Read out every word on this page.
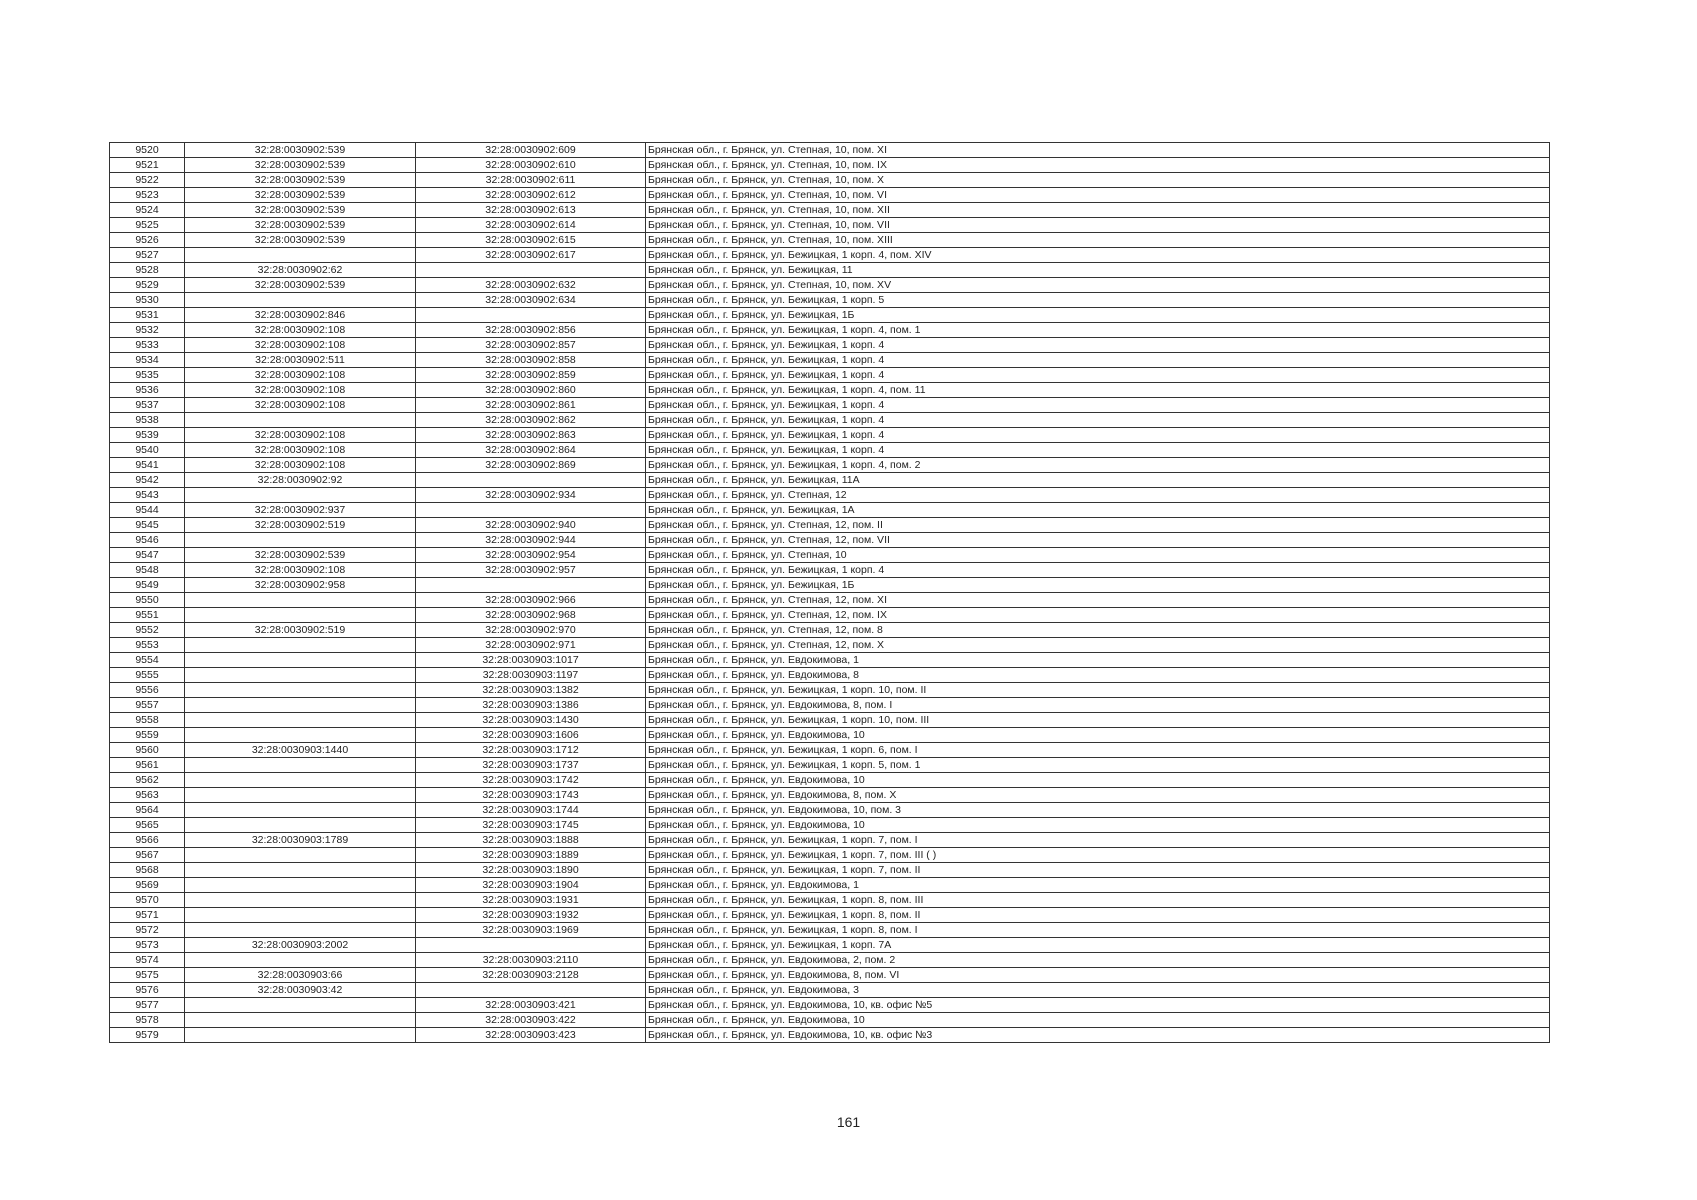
9520	32:28:0030902:539	32:28:0030902:609	Брянская обл., г. Брянск, ул. Степная, 10, пом. XI
9521	32:28:0030902:539	32:28:0030902:610	Брянская обл., г. Брянск, ул. Степная, 10, пом. IX
9522	32:28:0030902:539	32:28:0030902:611	Брянская обл., г. Брянск, ул. Степная, 10, пом. X
9523	32:28:0030902:539	32:28:0030902:612	Брянская обл., г. Брянск, ул. Степная, 10, пом. VI
9524	32:28:0030902:539	32:28:0030902:613	Брянская обл., г. Брянск, ул. Степная, 10, пом. XII
9525	32:28:0030902:539	32:28:0030902:614	Брянская обл., г. Брянск, ул. Степная, 10, пом. VII
9526	32:28:0030902:539	32:28:0030902:615	Брянская обл., г. Брянск, ул. Степная, 10, пом. XIII
9527		32:28:0030902:617	Брянская обл., г. Брянск, ул. Бежицкая, 1 корп. 4, пом. XIV
9528	32:28:0030902:62		Брянская обл., г. Брянск, ул. Бежицкая, 11
9529	32:28:0030902:539	32:28:0030902:632	Брянская обл., г. Брянск, ул. Степная, 10, пом. XV
9530		32:28:0030902:634	Брянская обл., г. Брянск, ул. Бежицкая, 1 корп. 5
9531	32:28:0030902:846		Брянская обл., г. Брянск, ул. Бежицкая, 1Б
9532	32:28:0030902:108	32:28:0030902:856	Брянская обл., г. Брянск, ул. Бежицкая, 1 корп. 4, пом. 1
9533	32:28:0030902:108	32:28:0030902:857	Брянская обл., г. Брянск, ул. Бежицкая, 1 корп. 4
9534	32:28:0030902:511	32:28:0030902:858	Брянская обл., г. Брянск, ул. Бежицкая, 1 корп. 4
9535	32:28:0030902:108	32:28:0030902:859	Брянская обл., г. Брянск, ул. Бежицкая, 1 корп. 4
9536	32:28:0030902:108	32:28:0030902:860	Брянская обл., г. Брянск, ул. Бежицкая, 1 корп. 4, пом. 11
9537	32:28:0030902:108	32:28:0030902:861	Брянская обл., г. Брянск, ул. Бежицкая, 1 корп. 4
9538		32:28:0030902:862	Брянская обл., г. Брянск, ул. Бежицкая, 1 корп. 4
9539	32:28:0030902:108	32:28:0030902:863	Брянская обл., г. Брянск, ул. Бежицкая, 1 корп. 4
9540	32:28:0030902:108	32:28:0030902:864	Брянская обл., г. Брянск, ул. Бежицкая, 1 корп. 4
9541	32:28:0030902:108	32:28:0030902:869	Брянская обл., г. Брянск, ул. Бежицкая, 1 корп. 4, пом. 2
9542	32:28:0030902:92		Брянская обл., г. Брянск, ул. Бежицкая, 11А
9543		32:28:0030902:934	Брянская обл., г. Брянск, ул. Степная, 12
9544	32:28:0030902:937		Брянская обл., г. Брянск, ул. Бежицкая, 1А
9545	32:28:0030902:519	32:28:0030902:940	Брянская обл., г. Брянск, ул. Степная, 12, пом. II
9546		32:28:0030902:944	Брянская обл., г. Брянск, ул. Степная, 12, пом. VII
9547	32:28:0030902:539	32:28:0030902:954	Брянская обл., г. Брянск, ул. Степная, 10
9548	32:28:0030902:108	32:28:0030902:957	Брянская обл., г. Брянск, ул. Бежицкая, 1 корп. 4
9549	32:28:0030902:958		Брянская обл., г. Брянск, ул. Бежицкая, 1Б
9550		32:28:0030902:966	Брянская обл., г. Брянск, ул. Степная, 12, пом. XI
9551		32:28:0030902:968	Брянская обл., г. Брянск, ул. Степная, 12, пом. IX
9552	32:28:0030902:519	32:28:0030902:970	Брянская обл., г. Брянск, ул. Степная, 12, пом. 8
9553		32:28:0030902:971	Брянская обл., г. Брянск, ул. Степная, 12, пом. X
9554		32:28:0030903:1017	Брянская обл., г. Брянск, ул. Евдокимова, 1
9555		32:28:0030903:1197	Брянская обл., г. Брянск, ул. Евдокимова, 8
9556		32:28:0030903:1382	Брянская обл., г. Брянск, ул. Бежицкая, 1 корп. 10, пом. II
9557		32:28:0030903:1386	Брянская обл., г. Брянск, ул. Евдокимова, 8, пом. I
9558		32:28:0030903:1430	Брянская обл., г. Брянск, ул. Бежицкая, 1 корп. 10, пом. III
9559		32:28:0030903:1606	Брянская обл., г. Брянск, ул. Евдокимова, 10
9560	32:28:0030903:1440	32:28:0030903:1712	Брянская обл., г. Брянск, ул. Бежицкая, 1 корп. 6, пом. I
9561		32:28:0030903:1737	Брянская обл., г. Брянск, ул. Бежицкая, 1 корп. 5, пом. 1
9562		32:28:0030903:1742	Брянская обл., г. Брянск, ул. Евдокимова, 10
9563		32:28:0030903:1743	Брянская обл., г. Брянск, ул. Евдокимова, 8, пом. X
9564		32:28:0030903:1744	Брянская обл., г. Брянск, ул. Евдокимова, 10, пом. 3
9565		32:28:0030903:1745	Брянская обл., г. Брянск, ул. Евдокимова, 10
9566	32:28:0030903:1789	32:28:0030903:1888	Брянская обл., г. Брянск, ул. Бежицкая, 1 корп. 7, пом. I
9567		32:28:0030903:1889	Брянская обл., г. Брянск, ул. Бежицкая, 1 корп. 7, пом. III ( )
9568		32:28:0030903:1890	Брянская обл., г. Брянск, ул. Бежицкая, 1 корп. 7, пом. II
9569		32:28:0030903:1904	Брянская обл., г. Брянск, ул. Евдокимова, 1
9570		32:28:0030903:1931	Брянская обл., г. Брянск, ул. Бежицкая, 1 корп. 8, пом. III
9571		32:28:0030903:1932	Брянская обл., г. Брянск, ул. Бежицкая, 1 корп. 8, пом. II
9572		32:28:0030903:1969	Брянская обл., г. Брянск, ул. Бежицкая, 1 корп. 8, пом. I
9573	32:28:0030903:2002		Брянская обл., г. Брянск, ул. Бежицкая, 1 корп. 7А
9574		32:28:0030903:2110	Брянская обл., г. Брянск, ул. Евдокимова, 2, пом. 2
9575	32:28:0030903:66	32:28:0030903:2128	Брянская обл., г. Брянск, ул. Евдокимова, 8, пом. VI
9576	32:28:0030903:42		Брянская обл., г. Брянск, ул. Евдокимова, 3
9577		32:28:0030903:421	Брянская обл., г. Брянск, ул. Евдокимова, 10, кв. офис №5
9578		32:28:0030903:422	Брянская обл., г. Брянск, ул. Евдокимова, 10
9579		32:28:0030903:423	Брянская обл., г. Брянск, ул. Евдокимова, 10, кв. офис №3
161
